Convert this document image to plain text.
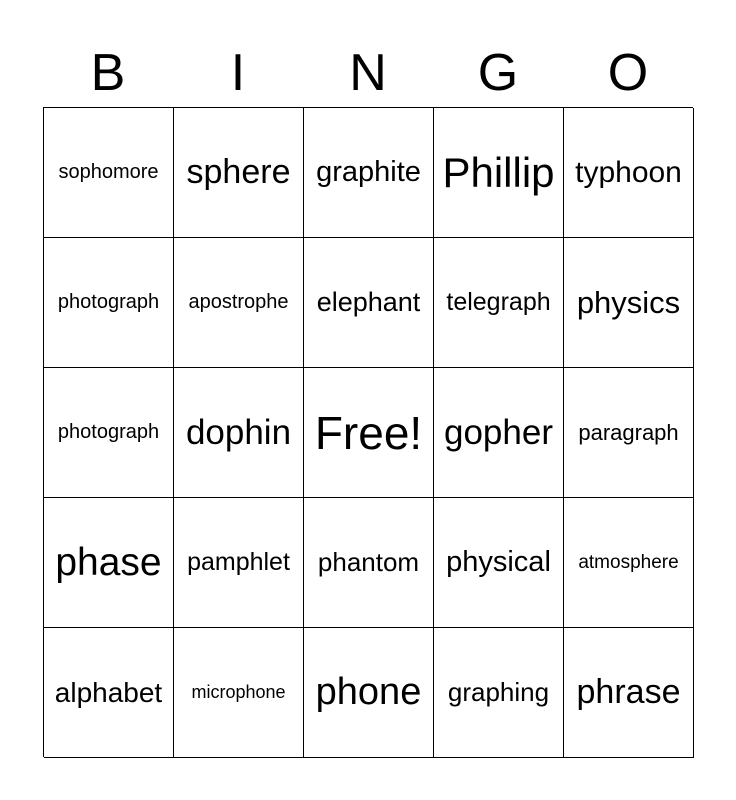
B	I	N	G	O
sophomore sphere graphite Phillip typhoon
photograph	apostrophe	elephant	telegraph physics
photograph dophin Free! gopher	paragraph
phase	pamphlet	phantom physical	atmosphere
alphabet	microphone phone	graphing phrase
